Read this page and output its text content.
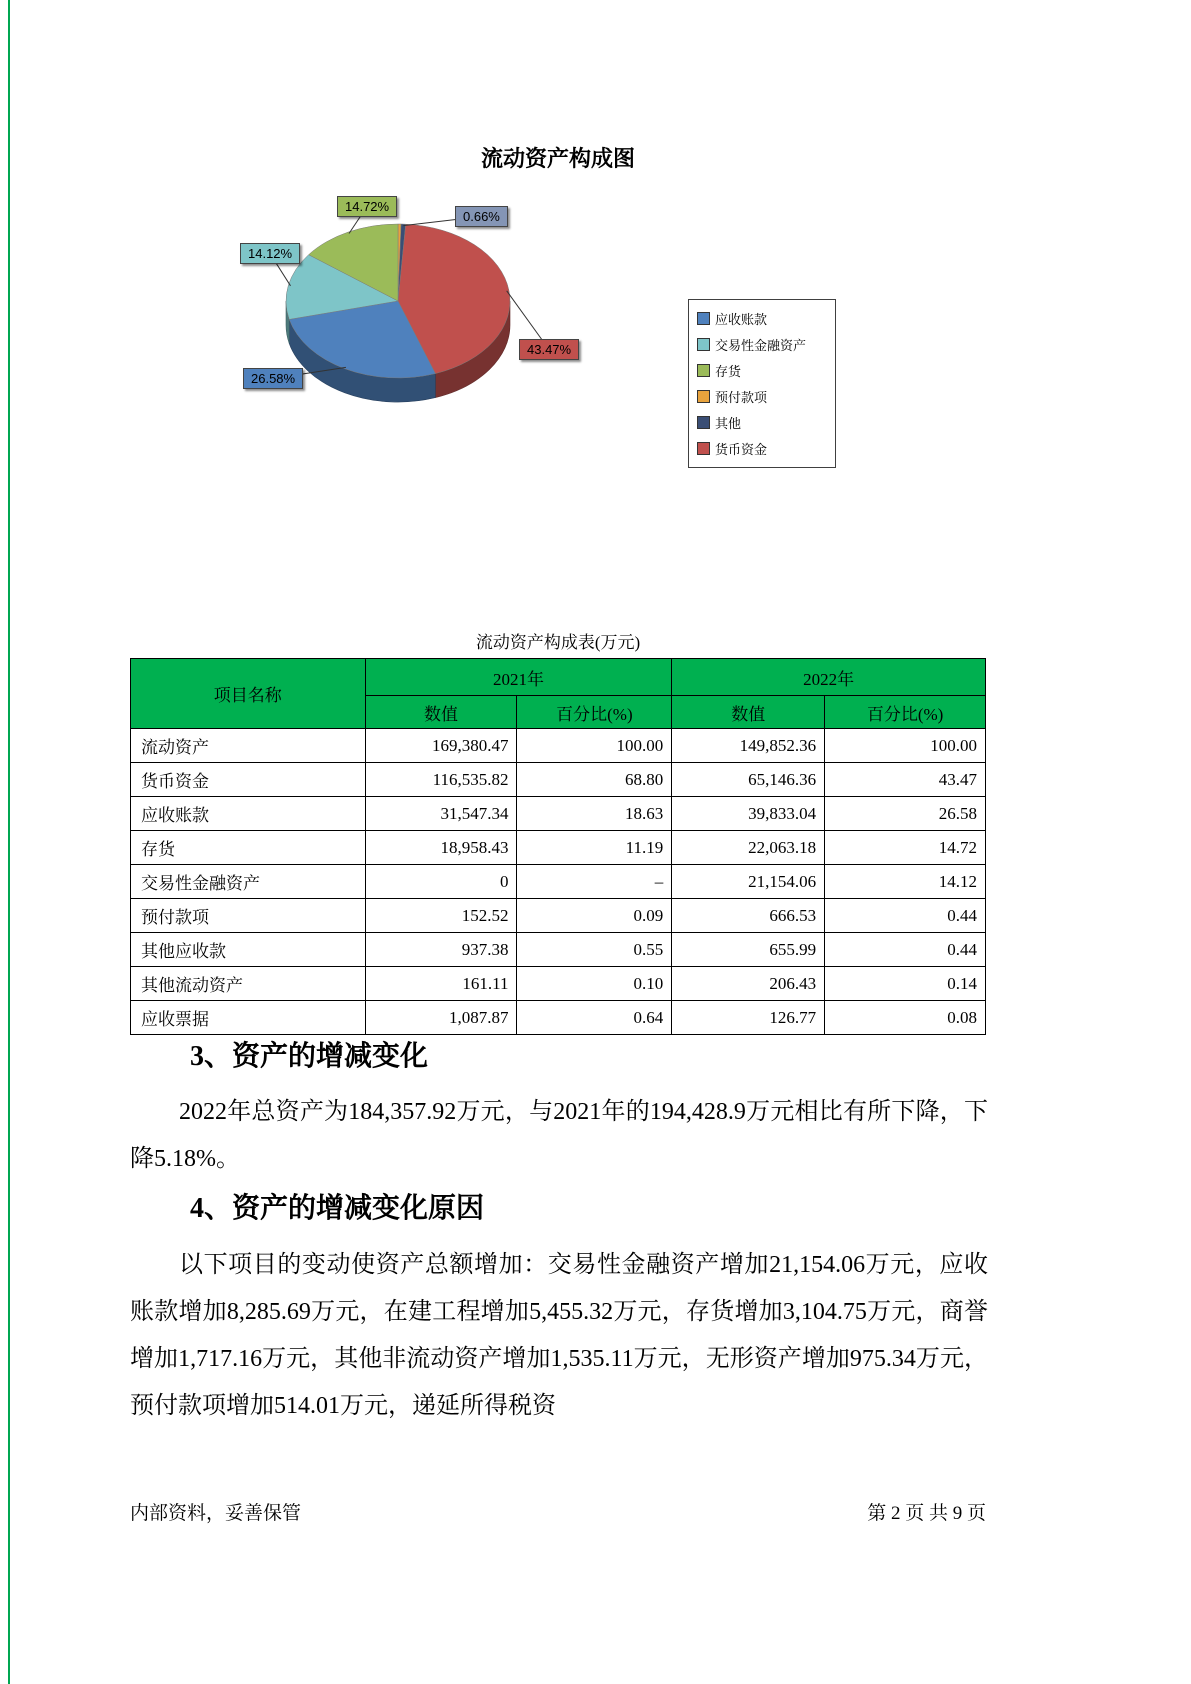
流动资产构成图
应收账款
交易性金融资产
存货
预付款项
其他
货币资金
流动资产构成表(万元)
项目名称	2021年		2022年	
	数值	百分比(%)	数值	百分比(%)
流动资产	169,380.47	100.00	149,852.36	100.00
货币资金	116,535.82	68.80	65,146.36	43.47
应收账款	31,547.34	18.63	39,833.04	26.58
存货	18,958.43	11.19	22,063.18	14.72
交易性金融资产	0	–	21,154.06	14.12
预付款项	152.52	0.09	666.53	0.44
其他应收款	937.38	0.55	655.99	0.44
其他流动资产	161.11	0.10	206.43	0.14
应收票据	1,087.87	0.64	126.77	0.08
3、资产的增减变化
2022年总资产为184,357.92万元，与2021年的194,428.9万元相比有所下降，下降5.18%。
4、资产的增减变化原因
以下项目的变动使资产总额增加：交易性金融资产增加21,154.06万元，应收账款增加8,285.69万元，在建工程增加5,455.32万元，存货增加3,104.75万元，商誉增加1,717.16万元，其他非流动资产增加1,535.11万元，无形资产增加975.34万元，预付款项增加514.01万元，递延所得税资
内部资料，妥善保管	第 2 页 共 9 页
14.72%
0.66%
14.12%
26.58%
43.47%
